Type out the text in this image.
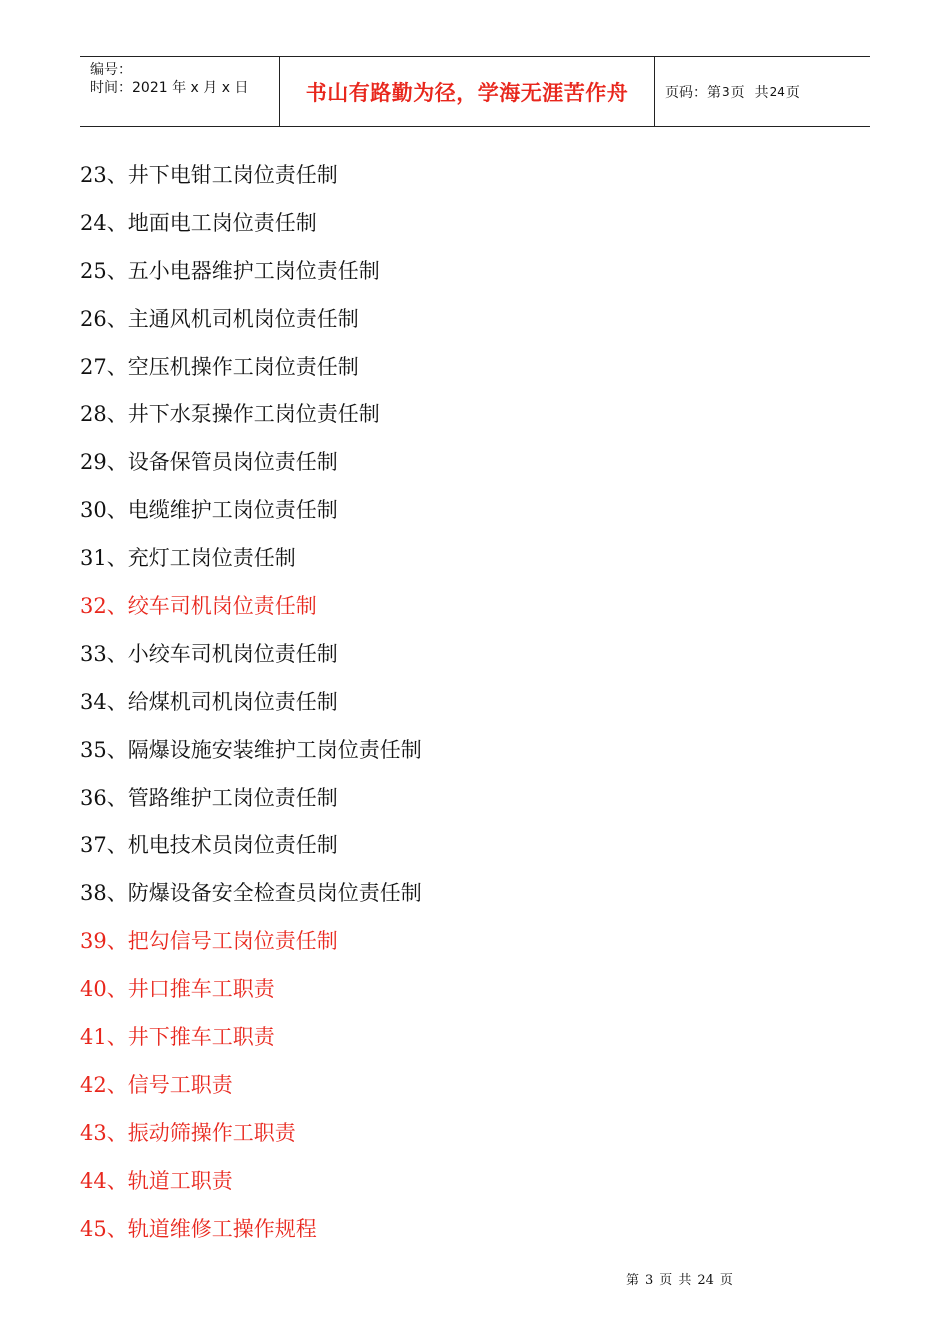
编号：
时间：2021 年 x 月 x 日	书山有路勤为径，学海无涯苦作舟	页码：第 3 页 共 24 页
23、井下电钳工岗位责任制
24、地面电工岗位责任制
25、五小电器维护工岗位责任制
26、主通风机司机岗位责任制
27、空压机操作工岗位责任制
28、井下水泵操作工岗位责任制
29、设备保管员岗位责任制
30、电缆维护工岗位责任制
31、充灯工岗位责任制
32、绞车司机岗位责任制
33、小绞车司机岗位责任制
34、给煤机司机岗位责任制
35、隔爆设施安装维护工岗位责任制
36、管路维护工岗位责任制
37、机电技术员岗位责任制
38、防爆设备安全检查员岗位责任制
39、把勾信号工岗位责任制
40、井口推车工职责
41、井下推车工职责
42、信号工职责
43、振动筛操作工职责
44、轨道工职责
45、轨道维修工操作规程
第 3 页 共 24 页
